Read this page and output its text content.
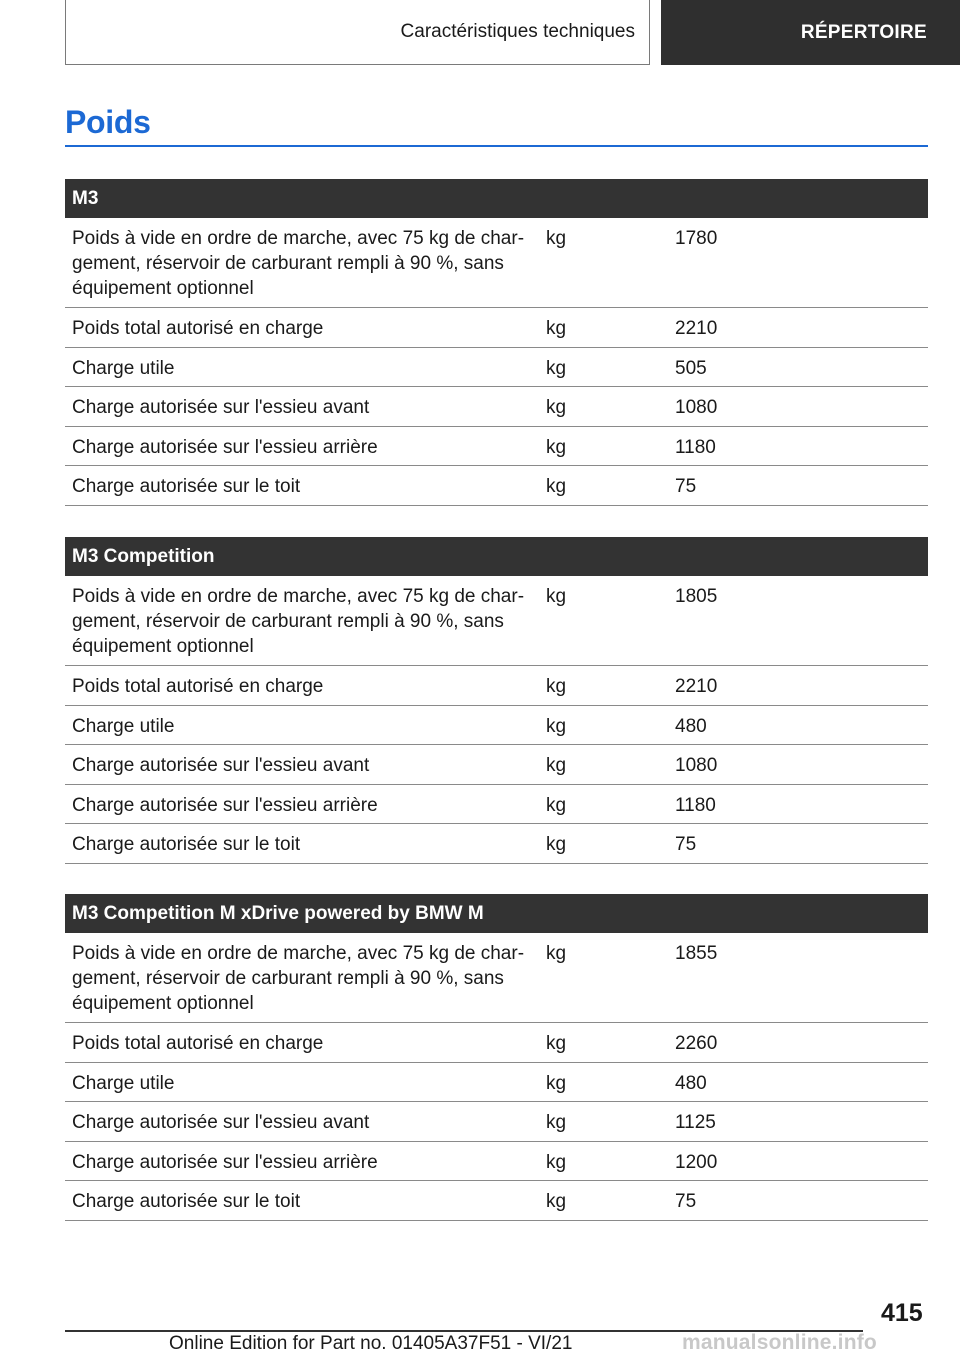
Caractéristiques techniques	RÉPERTOIRE
Poids
M3
Poids à vide en ordre de marche, avec 75 kg de char-
gement, réservoir de carburant rempli à 90 %, sans
équipement optionnel
kg	1780
Poids total autorisé en charge	kg	2210
Charge utile	kg	505
Charge autorisée sur l'essieu avant	kg	1080
Charge autorisée sur l'essieu arrière	kg	1180
Charge autorisée sur le toit	kg	75
M3 Competition
Poids à vide en ordre de marche, avec 75 kg de char-
gement, réservoir de carburant rempli à 90 %, sans
équipement optionnel
kg	1805
Poids total autorisé en charge	kg	2210
Charge utile	kg	480
Charge autorisée sur l'essieu avant	kg	1080
Charge autorisée sur l'essieu arrière	kg	1180
Charge autorisée sur le toit	kg	75
M3 Competition M xDrive powered by BMW M
Poids à vide en ordre de marche, avec 75 kg de char-
gement, réservoir de carburant rempli à 90 %, sans
équipement optionnel
kg	1855
Poids total autorisé en charge	kg	2260
Charge utile	kg	480
Charge autorisée sur l'essieu avant	kg	1125
Charge autorisée sur l'essieu arrière	kg	1200
Charge autorisée sur le toit	kg	75
415
Online Edition for Part no. 01405A37F51 - VI/21	manualsonline.info
